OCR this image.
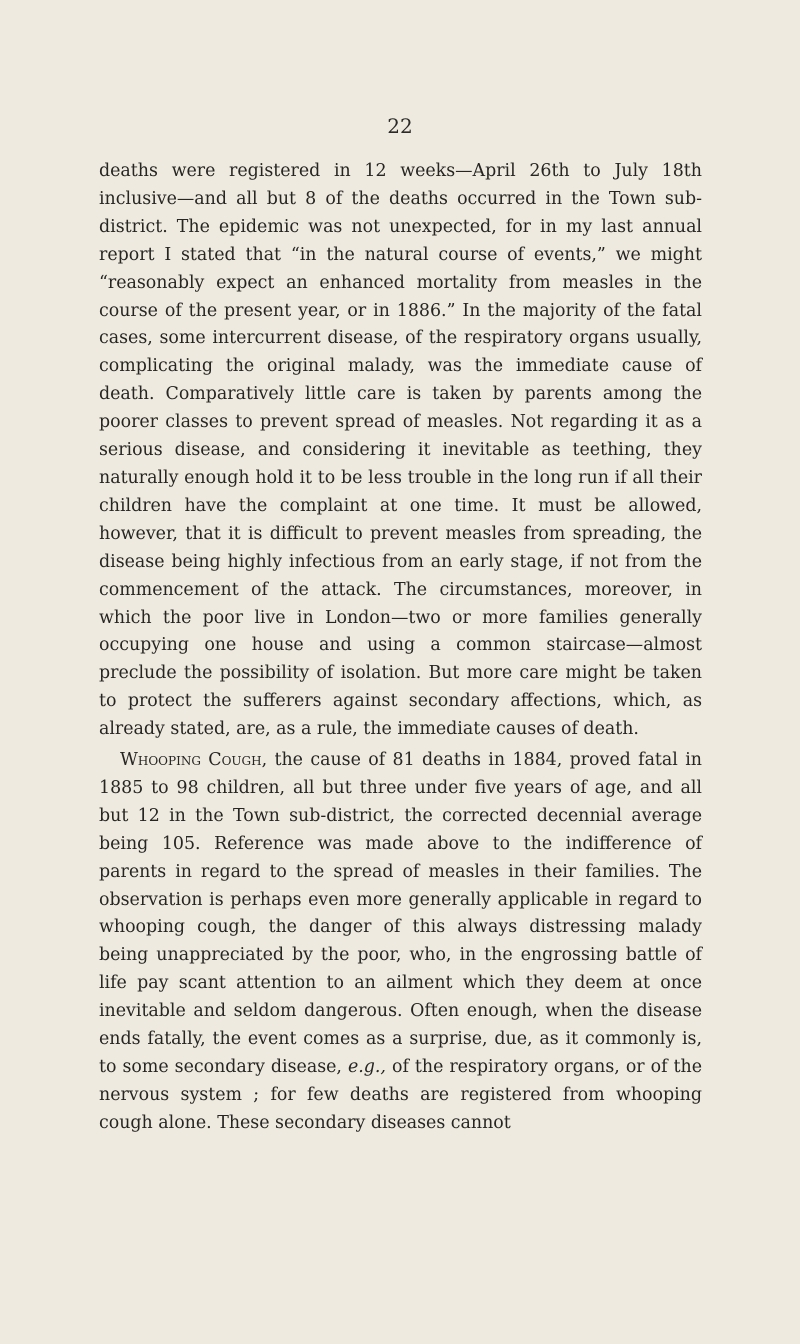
22

deaths were registered in 12 weeks—April 26th to July 18th inclusive—and all but 8 of the deaths occurred in the Town sub-district. The epidemic was not unexpected, for in my last annual report I stated that “in the natural course of events,” we might “reasonably expect an enhanced mortality from measles in the course of the present year, or in 1886.” In the majority of the fatal cases, some intercurrent disease, of the respiratory organs usually, complicating the original malady, was the immediate cause of death. Comparatively little care is taken by parents among the poorer classes to prevent spread of measles. Not regarding it as a serious disease, and considering it inevitable as teething, they naturally enough hold it to be less trouble in the long run if all their children have the complaint at one time. It must be allowed, however, that it is difficult to prevent measles from spreading, the disease being highly infectious from an early stage, if not from the commencement of the attack. The circumstances, moreover, in which the poor live in London—two or more families generally occupying one house and using a common staircase—almost preclude the possibility of isolation. But more care might be taken to protect the sufferers against secondary affections, which, as already stated, are, as a rule, the immediate causes of death.

Whooping Cough, the cause of 81 deaths in 1884, proved fatal in 1885 to 98 children, all but three under five years of age, and all but 12 in the Town sub-district, the corrected decennial average being 105. Reference was made above to the indifference of parents in regard to the spread of measles in their families. The observation is perhaps even more generally applicable in regard to whooping cough, the danger of this always distressing malady being unappreciated by the poor, who, in the engrossing battle of life pay scant attention to an ailment which they deem at once inevitable and seldom dangerous. Often enough, when the disease ends fatally, the event comes as a surprise, due, as it commonly is, to some secondary disease, e.g., of the respiratory organs, or of the nervous system ; for few deaths are registered from whooping cough alone. These secondary diseases cannot
